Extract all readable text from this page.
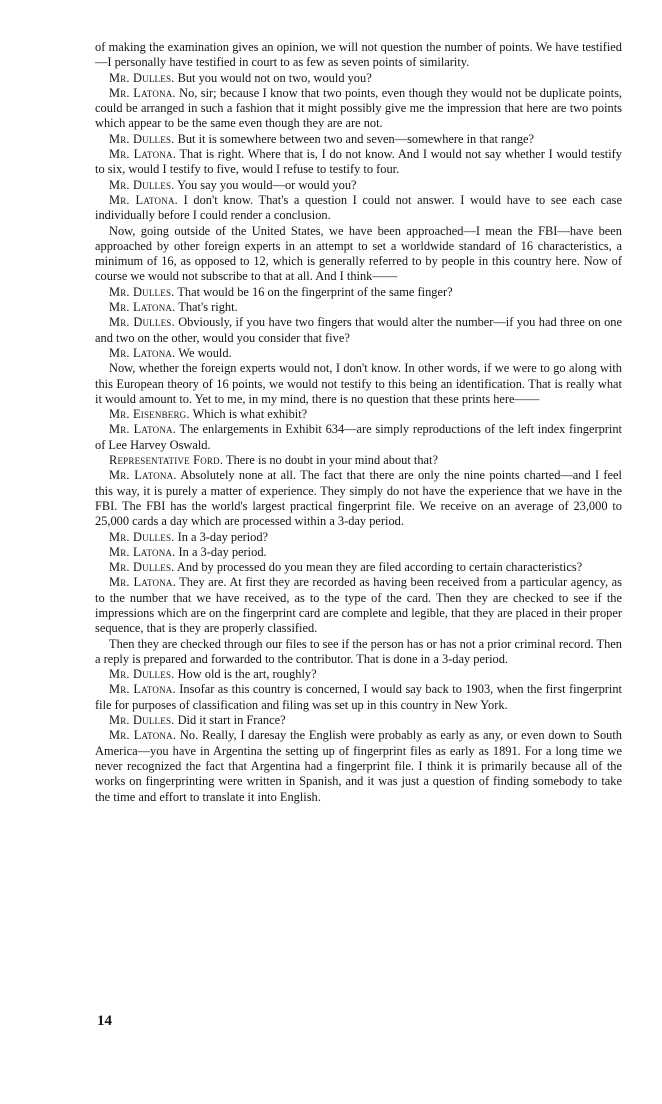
of making the examination gives an opinion, we will not question the number of points. We have testified—I personally have testified in court to as few as seven points of similarity.

Mr. Dulles. But you would not on two, would you?

Mr. Latona. No, sir; because I know that two points, even though they would not be duplicate points, could be arranged in such a fashion that it might possibly give me the impression that here are two points which appear to be the same even though they are are not.

Mr. Dulles. But it is somewhere between two and seven—somewhere in that range?

Mr. Latona. That is right. Where that is, I do not know. And I would not say whether I would testify to six, would I testify to five, would I refuse to testify to four.

Mr. Dulles. You say you would—or would you?

Mr. Latona. I don't know. That's a question I could not answer. I would have to see each case individually before I could render a conclusion.

Now, going outside of the United States, we have been approached—I mean the FBI—have been approached by other foreign experts in an attempt to set a worldwide standard of 16 characteristics, a minimum of 16, as opposed to 12, which is generally referred to by people in this country here. Now of course we would not subscribe to that at all. And I think——

Mr. Dulles. That would be 16 on the fingerprint of the same finger?

Mr. Latona. That's right.

Mr. Dulles. Obviously, if you have two fingers that would alter the number—if you had three on one and two on the other, would you consider that five?

Mr. Latona. We would.

Now, whether the foreign experts would not, I don't know. In other words, if we were to go along with this European theory of 16 points, we would not testify to this being an identification. That is really what it would amount to. Yet to me, in my mind, there is no question that these prints here——

Mr. Eisenberg. Which is what exhibit?

Mr. Latona. The enlargements in Exhibit 634—are simply reproductions of the left index fingerprint of Lee Harvey Oswald.

Representative Ford. There is no doubt in your mind about that?

Mr. Latona. Absolutely none at all. The fact that there are only the nine points charted—and I feel this way, it is purely a matter of experience. They simply do not have the experience that we have in the FBI. The FBI has the world's largest practical fingerprint file. We receive on an average of 23,000 to 25,000 cards a day which are processed within a 3-day period.

Mr. Dulles. In a 3-day period?

Mr. Latona. In a 3-day period.

Mr. Dulles. And by processed do you mean they are filed according to certain characteristics?

Mr. Latona. They are. At first they are recorded as having been received from a particular agency, as to the number that we have received, as to the type of the card. Then they are checked to see if the impressions which are on the fingerprint card are complete and legible, that they are placed in their proper sequence, that is they are properly classified.

Then they are checked through our files to see if the person has or has not a prior criminal record. Then a reply is prepared and forwarded to the contributor. That is done in a 3-day period.

Mr. Dulles. How old is the art, roughly?

Mr. Latona. Insofar as this country is concerned, I would say back to 1903, when the first fingerprint file for purposes of classification and filing was set up in this country in New York.

Mr. Dulles. Did it start in France?

Mr. Latona. No. Really, I daresay the English were probably as early as any, or even down to South America—you have in Argentina the setting up of fingerprint files as early as 1891. For a long time we never recognized the fact that Argentina had a fingerprint file. I think it is primarily because all of the works on fingerprinting were written in Spanish, and it was just a question of finding somebody to take the time and effort to translate it into English.

14
